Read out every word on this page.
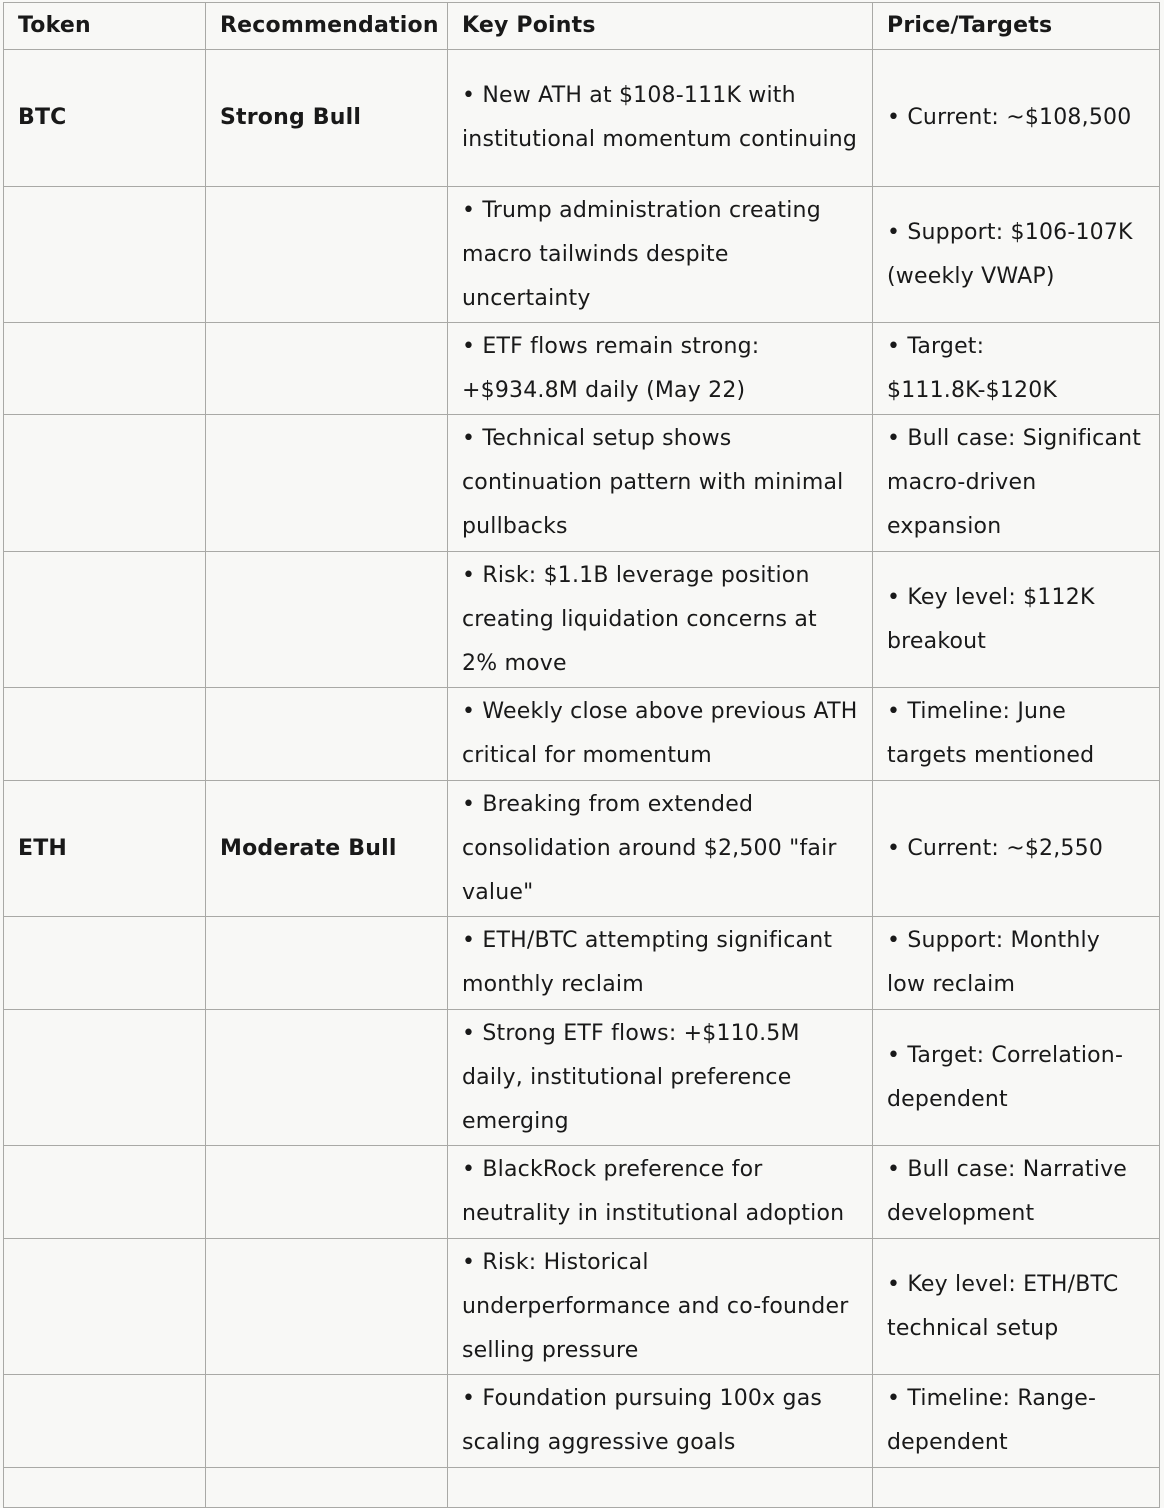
Token	Recommendation	Key Points	Price/Targets
BTC	Strong Bull	• New ATH at $108-111K with institutional momentum continuing	• Current: ~$108,500
		• Trump administration creating macro tailwinds despite uncertainty	• Support: $106-107K (weekly VWAP)
		• ETF flows remain strong: +$934.8M daily (May 22)	• Target: $111.8K-$120K
		• Technical setup shows continuation pattern with minimal pullbacks	• Bull case: Significant macro-driven expansion
		• Risk: $1.1B leverage position creating liquidation concerns at 2% move	• Key level: $112K breakout
		• Weekly close above previous ATH critical for momentum	• Timeline: June targets mentioned
ETH	Moderate Bull	• Breaking from extended consolidation around $2,500 "fair value"	• Current: ~$2,550
		• ETH/BTC attempting significant monthly reclaim	• Support: Monthly low reclaim
		• Strong ETF flows: +$110.5M daily, institutional preference emerging	• Target: Correlation-dependent
		• BlackRock preference for neutrality in institutional adoption	• Bull case: Narrative development
		• Risk: Historical underperformance and co-founder selling pressure	• Key level: ETH/BTC technical setup
		• Foundation pursuing 100x gas scaling aggressive goals	• Timeline: Range-dependent
